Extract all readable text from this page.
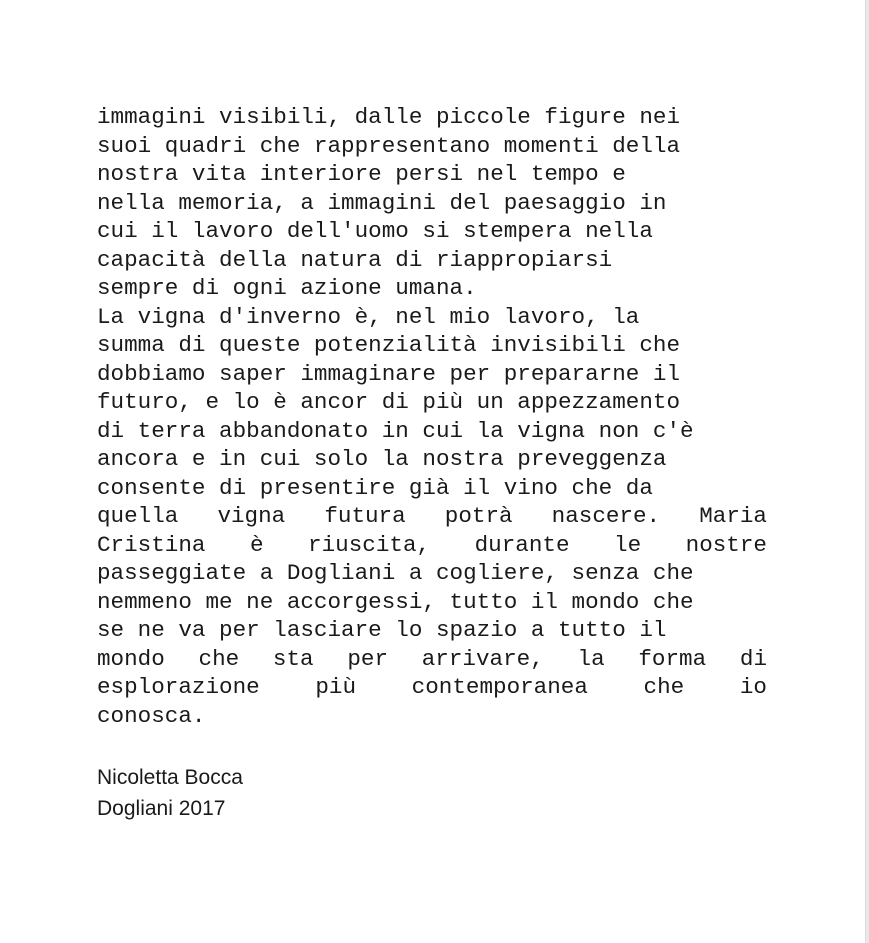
immagini visibili, dalle piccole figure nei
suoi quadri che rappresentano momenti della
nostra vita interiore persi nel tempo e
nella memoria, a immagini del paesaggio in
cui il lavoro dell'uomo si stempera nella
capacità della natura di riappropiarsi
sempre di ogni azione umana.
La vigna d'inverno è, nel mio lavoro, la
summa di queste potenzialità invisibili che
dobbiamo saper immaginare per prepararne il
futuro, e lo è ancor di più un appezzamento
di terra abbandonato in cui la vigna non c'è
ancora e in cui solo la nostra preveggenza
consente di presentire già il vino che da
quella vigna futura potrà nascere. Maria
Cristina è riuscita, durante le nostre
passeggiate a Dogliani a cogliere, senza che
nemmeno me ne accorgessi, tutto il mondo che
se ne va per lasciare lo spazio a tutto il
mondo che sta per arrivare, la forma di
esplorazione più contemporanea che io
conosca.
Nicoletta Bocca
Dogliani 2017
